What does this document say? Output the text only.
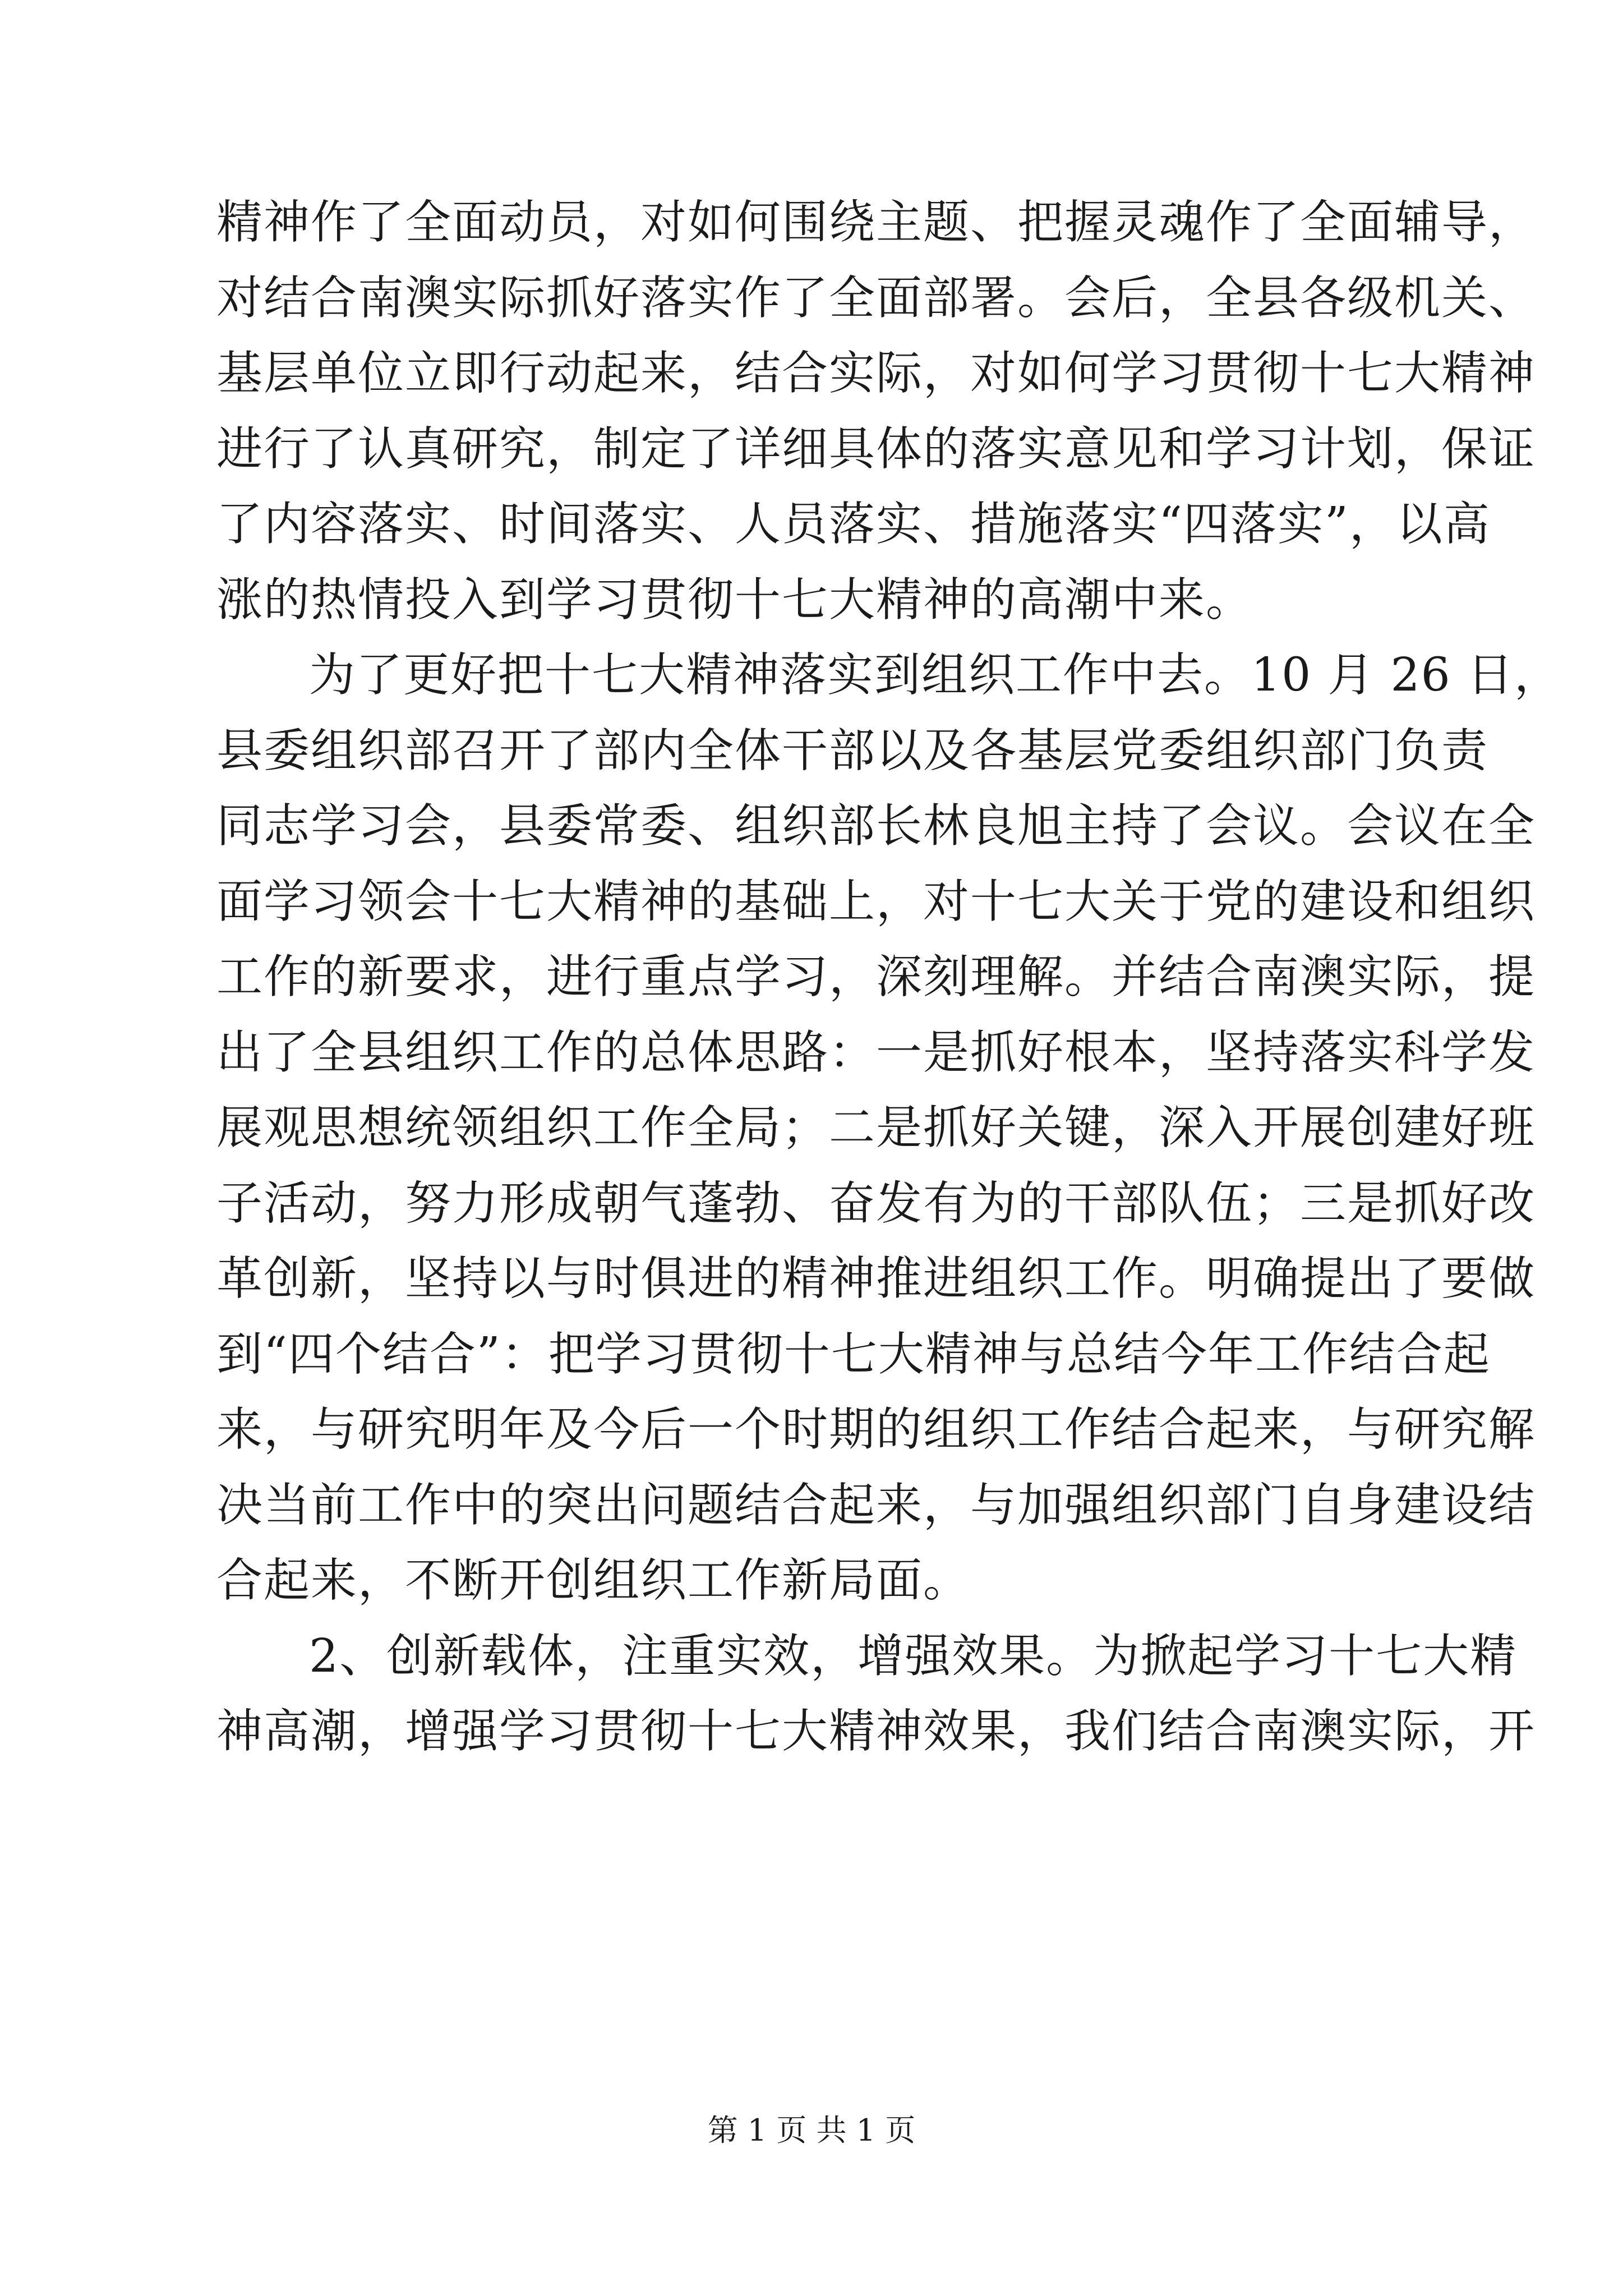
精神作了全面动员，对如何围绕主题、把握灵魂作了全面辅导，
对结合南澳实际抓好落实作了全面部署。会后，全县各级机关、
基层单位立即行动起来，结合实际，对如何学习贯彻十七大精神
进行了认真研究，制定了详细具体的落实意见和学习计划，保证
了内容落实、时间落实、人员落实、措施落实“四落实”，以高
涨的热情投入到学习贯彻十七大精神的高潮中来。
为了更好把十七大精神落实到组织工作中去。10 月 26 日，
县委组织部召开了部内全体干部以及各基层党委组织部门负责
同志学习会，县委常委、组织部长林良旭主持了会议。会议在全
面学习领会十七大精神的基础上，对十七大关于党的建设和组织
工作的新要求，进行重点学习，深刻理解。并结合南澳实际，提
出了全县组织工作的总体思路：一是抓好根本，坚持落实科学发
展观思想统领组织工作全局；二是抓好关键，深入开展创建好班
子活动，努力形成朝气蓬勃、奋发有为的干部队伍；三是抓好改
革创新，坚持以与时俱进的精神推进组织工作。明确提出了要做
到“四个结合”：把学习贯彻十七大精神与总结今年工作结合起
来，与研究明年及今后一个时期的组织工作结合起来，与研究解
决当前工作中的突出问题结合起来，与加强组织部门自身建设结
合起来，不断开创组织工作新局面。
2、创新载体，注重实效，增强效果。为掀起学习十七大精
神高潮，增强学习贯彻十七大精神效果，我们结合南澳实际，开
第 1 页 共 1 页
